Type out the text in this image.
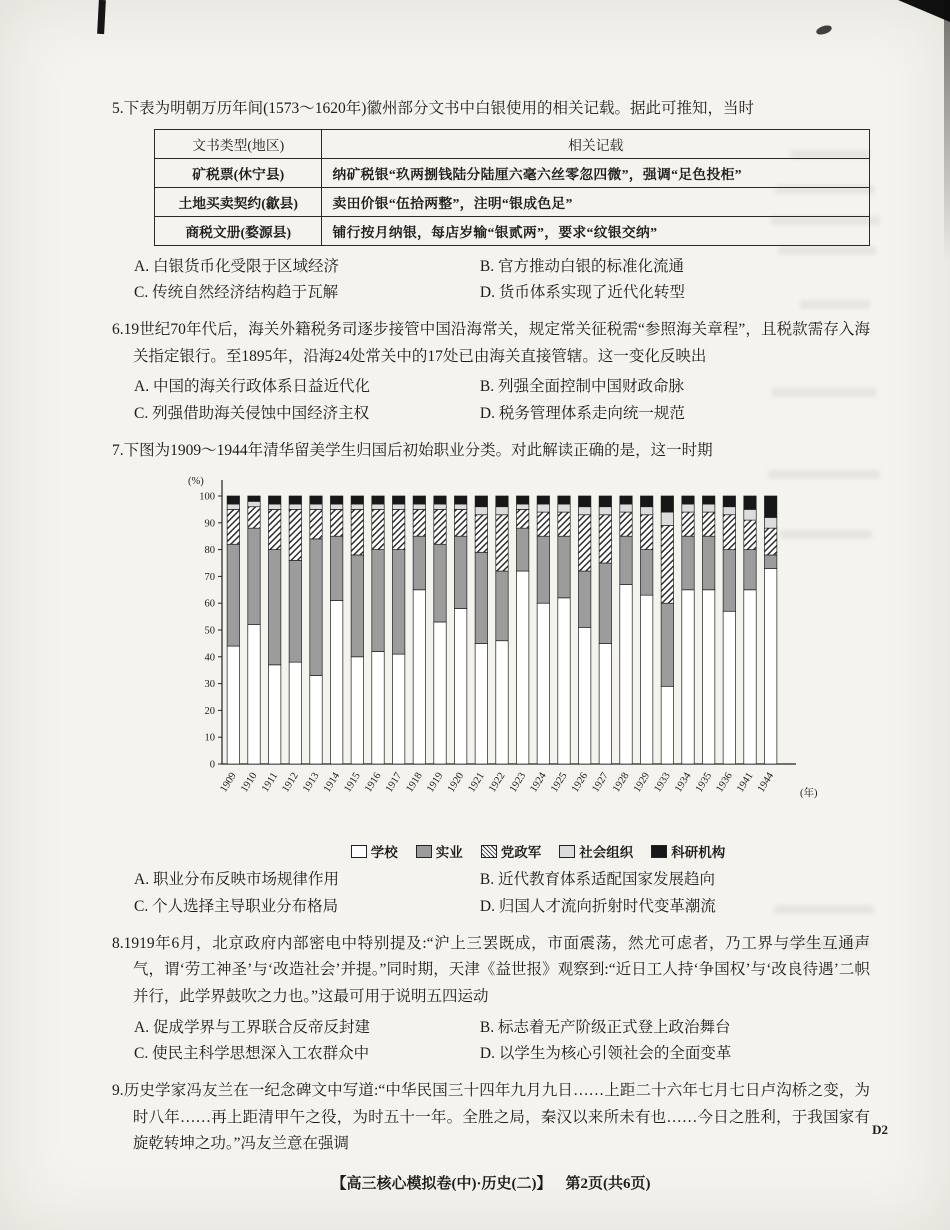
5.下表为明朝万历年间(1573～1620年)徽州部分文书中白银使用的相关记载。据此可推知，当时

文书类型(地区)	相关记载
矿税票(休宁县)	纳矿税银“玖两捌钱陆分陆厘六毫六丝零忽四微”，强调“足色投柜”
土地买卖契约(歙县)	卖田价银“伍拾两整”，注明“银成色足”
商税文册(婺源县)	铺行按月纳银，每店岁输“银贰两”，要求“纹银交纳”
A. 白银货币化受限于区域经济	B. 官方推动白银的标准化流通
C. 传统自然经济结构趋于瓦解	D. 货币体系实现了近代化转型

6.19世纪70年代后，海关外籍税务司逐步接管中国沿海常关，规定常关征税需“参照海关章程”，且税款需存入海关指定银行。至1895年，沿海24处常关中的17处已由海关直接管辖。这一变化反映出

A. 中国的海关行政体系日益近代化	B. 列强全面控制中国财政命脉
C. 列强借助海关侵蚀中国经济主权	D. 税务管理体系走向统一规范

7.下图为1909～1944年清华留美学生归国后初始职业分类。对此解读正确的是，这一时期

0
10
20
30
40
50
60
70
80
90
100
(%)
1909 1910 1911 1912 1913 1914 1915 1916 1917 1918 1919 1920 1921 1922 1923 1924 1925 1926 1927 1928 1929 1933 1934 1935 1936 1941 1944 (年)
学校	实业	党政军	社会组织	科研机构
A. 职业分布反映市场规律作用	B. 近代教育体系适配国家发展趋向
C. 个人选择主导职业分布格局	D. 归国人才流向折射时代变革潮流

8.1919年6月，北京政府内部密电中特别提及:“沪上三罢既成，市面震荡，然尤可虑者，乃工界与学生互通声气，谓‘劳工神圣’与‘改造社会’并提。”同时期，天津《益世报》观察到:“近日工人持‘争国权’与‘改良待遇’二帜并行，此学界鼓吹之力也。”这最可用于说明五四运动

A. 促成学界与工界联合反帝反封建	B. 标志着无产阶级正式登上政治舞台
C. 使民主科学思想深入工农群众中	D. 以学生为核心引领社会的全面变革

9.历史学家冯友兰在一纪念碑文中写道:“中华民国三十四年九月九日……上距二十六年七月七日卢沟桥之变，为时八年……再上距清甲午之役，为时五十一年。全胜之局，秦汉以来所未有也……今日之胜利，于我国家有旋乾转坤之功。”冯友兰意在强调

【高三核心模拟卷(中)·历史(二)】 第2页(共6页)
D2
